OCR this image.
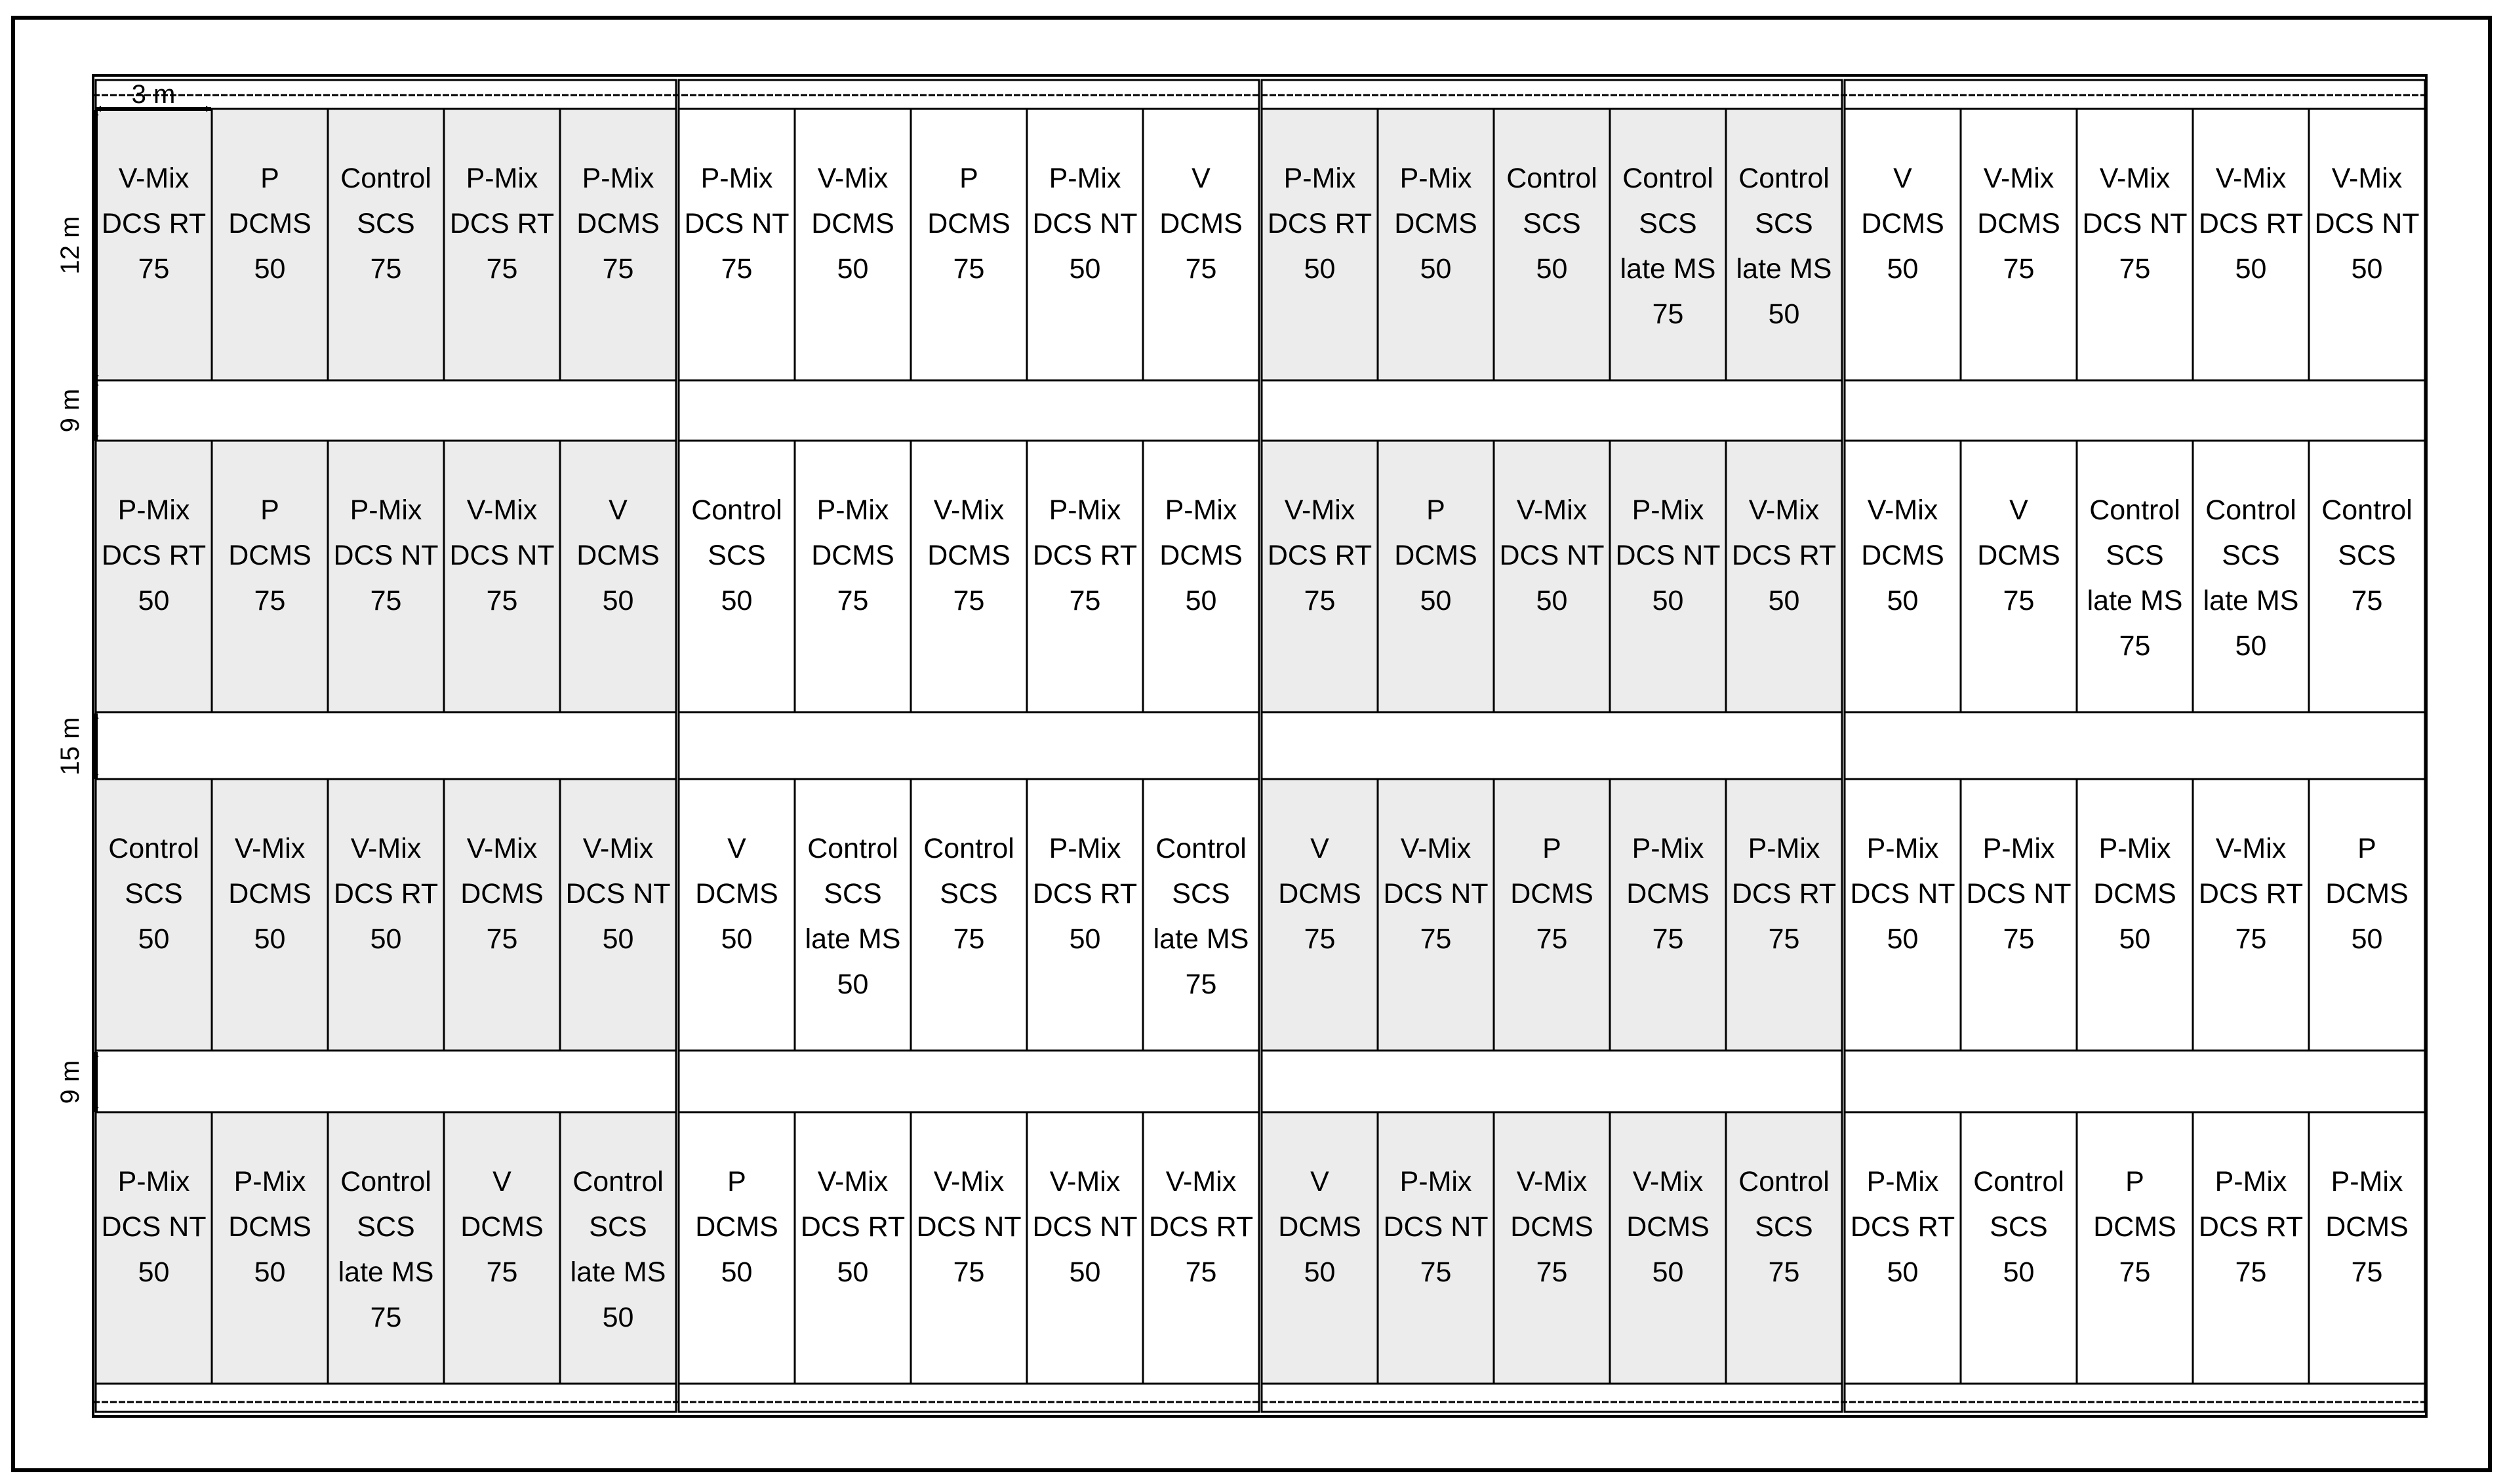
V-Mix
DCS RT
75
P
DCMS
50
Control
SCS
75
P-Mix
DCS RT
75
P-Mix
DCMS
75
P-Mix
DCS RT
50
P
DCMS
75
P-Mix
DCS NT
75
V-Mix
DCS NT
75
V
DCMS
50
Control
SCS
50
V-Mix
DCMS
50
V-Mix
DCS RT
50
V-Mix
DCMS
75
V-Mix
DCS NT
50
P-Mix
DCS NT
50
P-Mix
DCMS
50
Control
SCS
late MS
75
V
DCMS
75
Control
SCS
late MS
50
P-Mix
DCS NT
75
V-Mix
DCMS
50
P
DCMS
75
P-Mix
DCS NT
50
V
DCMS
75
Control
SCS
50
P-Mix
DCMS
75
V-Mix
DCMS
75
P-Mix
DCS RT
75
P-Mix
DCMS
50
V
DCMS
50
Control
SCS
late MS
50
Control
SCS
75
P-Mix
DCS RT
50
Control
SCS
late MS
75
P
DCMS
50
V-Mix
DCS RT
50
V-Mix
DCS NT
75
V-Mix
DCS NT
50
V-Mix
DCS RT
75
P-Mix
DCS RT
50
P-Mix
DCMS
50
Control
SCS
50
Control
SCS
late MS
75
Control
SCS
late MS
50
V-Mix
DCS RT
75
P
DCMS
50
V-Mix
DCS NT
50
P-Mix
DCS NT
50
V-Mix
DCS RT
50
V
DCMS
75
V-Mix
DCS NT
75
P
DCMS
75
P-Mix
DCMS
75
P-Mix
DCS RT
75
V
DCMS
50
P-Mix
DCS NT
75
V-Mix
DCMS
75
V-Mix
DCMS
50
Control
SCS
75
V
DCMS
50
V-Mix
DCMS
75
V-Mix
DCS NT
75
V-Mix
DCS RT
50
V-Mix
DCS NT
50
V-Mix
DCMS
50
V
DCMS
75
Control
SCS
late MS
75
Control
SCS
late MS
50
Control
SCS
75
P-Mix
DCS NT
50
P-Mix
DCS NT
75
P-Mix
DCMS
50
V-Mix
DCS RT
75
P
DCMS
50
P-Mix
DCS RT
50
Control
SCS
50
P
DCMS
75
P-Mix
DCS RT
75
P-Mix
DCMS
75
3 m
12 m
9 m
15 m
9 m
